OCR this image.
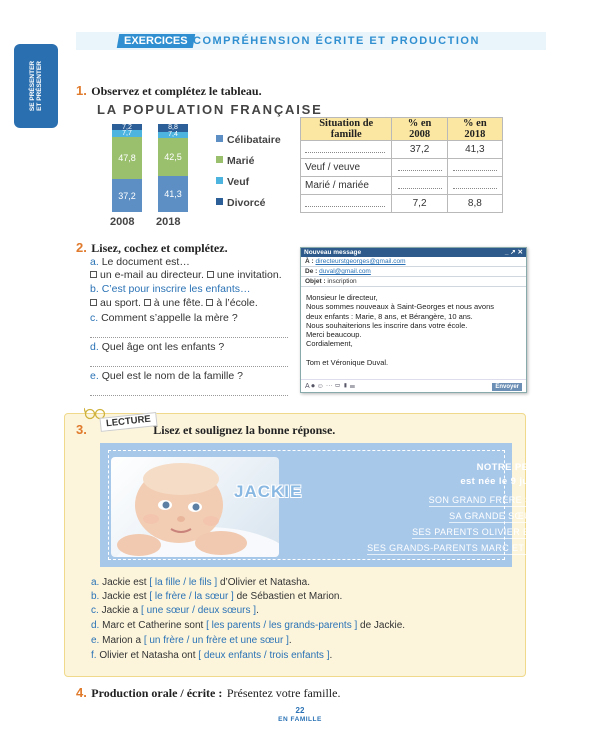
SE PRÉSENTER ET PRÉSENTER
EXERCICES COMPRÉHENSION ÉCRITE ET PRODUCTION
1. Observez et complétez le tableau.
LA POPULATION FRANÇAISE
7,2
7,7
47,8
37,2
2008
8,8
7,4
42,5
41,3
2018
Célibataire
Marié
Veuf
Divorcé
Situation de famille	% en 2008	% en 2018
	37,2	41,3
Veuf / veuve		
Marié / mariée		
	7,2	8,8
2. Lisez, cochez et complétez.
a. Le document est…
un e-mail au directeur. une invitation.
b. C’est pour inscrire les enfants…
au sport. à une fête. à l’école.
c. Comment s’appelle la mère ?
d. Quel âge ont les enfants ?
e. Quel est le nom de la famille ?
Nouveau message	_ ↗ ✕
À : directeurstgeorges@gmail.com
De : duval@gmail.com
Objet : inscription
Monsieur le directeur,
Nous sommes nouveaux à Saint-Georges et nous avons
deux enfants : Marie, 8 ans, et Bérangère, 10 ans.
Nous souhaiterions les inscrire dans votre école.
Merci beaucoup.
Cordialement,
Tom et Véronique Duval.
A ⏺ ☺ ⋯ ▭ ▮ ☰	Envoyer
LECTURE
3.	Lisez et soulignez la bonne réponse.
JACKIE
NOTRE PETITE FILLE
est née le 9 juillet à 8h20
SON GRAND FRÈRE SÉBASTIEN,
SA GRANDE SŒUR MARION,
SES PARENTS OLIVIER ET NATASHA
SES GRANDS-PARENTS MARC ET CATHERINE
a. Jackie est [ la fille / le fils ] d’Olivier et Natasha.
b. Jackie est [ le frère / la sœur ] de Sébastien et Marion.
c. Jackie a [ une sœur / deux sœurs ].
d. Marc et Catherine sont [ les parents / les grands-parents ] de Jackie.
e. Marion a [ un frère / un frère et une sœur ].
f. Olivier et Natasha ont [ deux enfants / trois enfants ].
4. Production orale / écrite : Présentez votre famille.
22
EN FAMILLE
